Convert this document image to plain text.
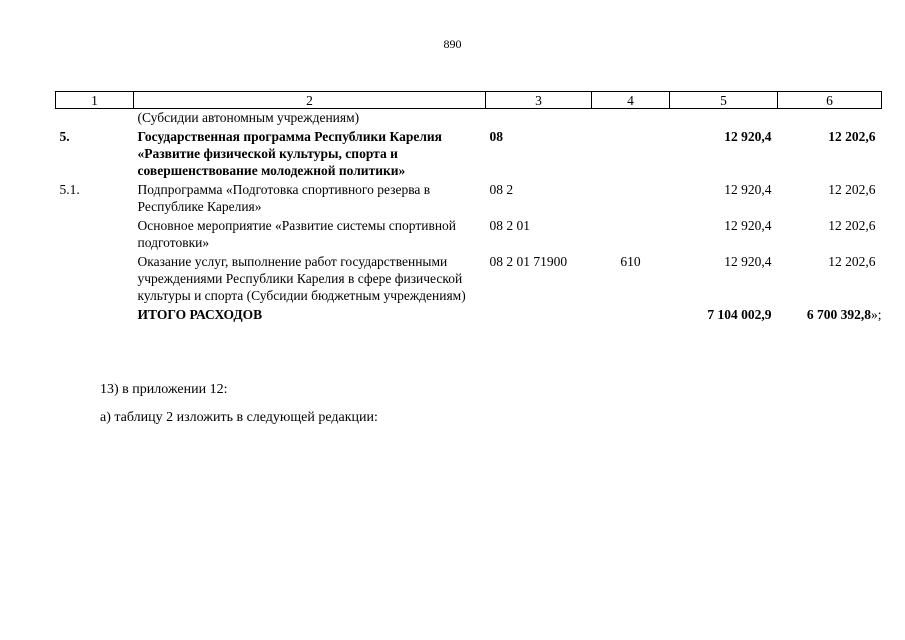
890
1	2	3	4	5	6
	(Субсидии автономным учреждениям)				
5.	Государственная программа Республики Карелия «Развитие физической культуры, спорта и совершенствование молодежной политики»	08		12 920,4	12 202,6
5.1.	Подпрограмма «Подготовка спортивного резерва в Республике Карелия»	08 2		12 920,4	12 202,6
	Основное мероприятие «Развитие системы спортивной подготовки»	08 2 01		12 920,4	12 202,6
	Оказание услуг, выполнение работ государственными учреждениями Республики Карелия в сфере физической культуры и спорта (Субсидии бюджетным учреждениям)	08 2 01 71900	610	12 920,4	12 202,6
	ИТОГО РАСХОДОВ			7 104 002,9	6 700 392,8»;
13) в приложении 12:
а) таблицу 2 изложить в следующей редакции:
